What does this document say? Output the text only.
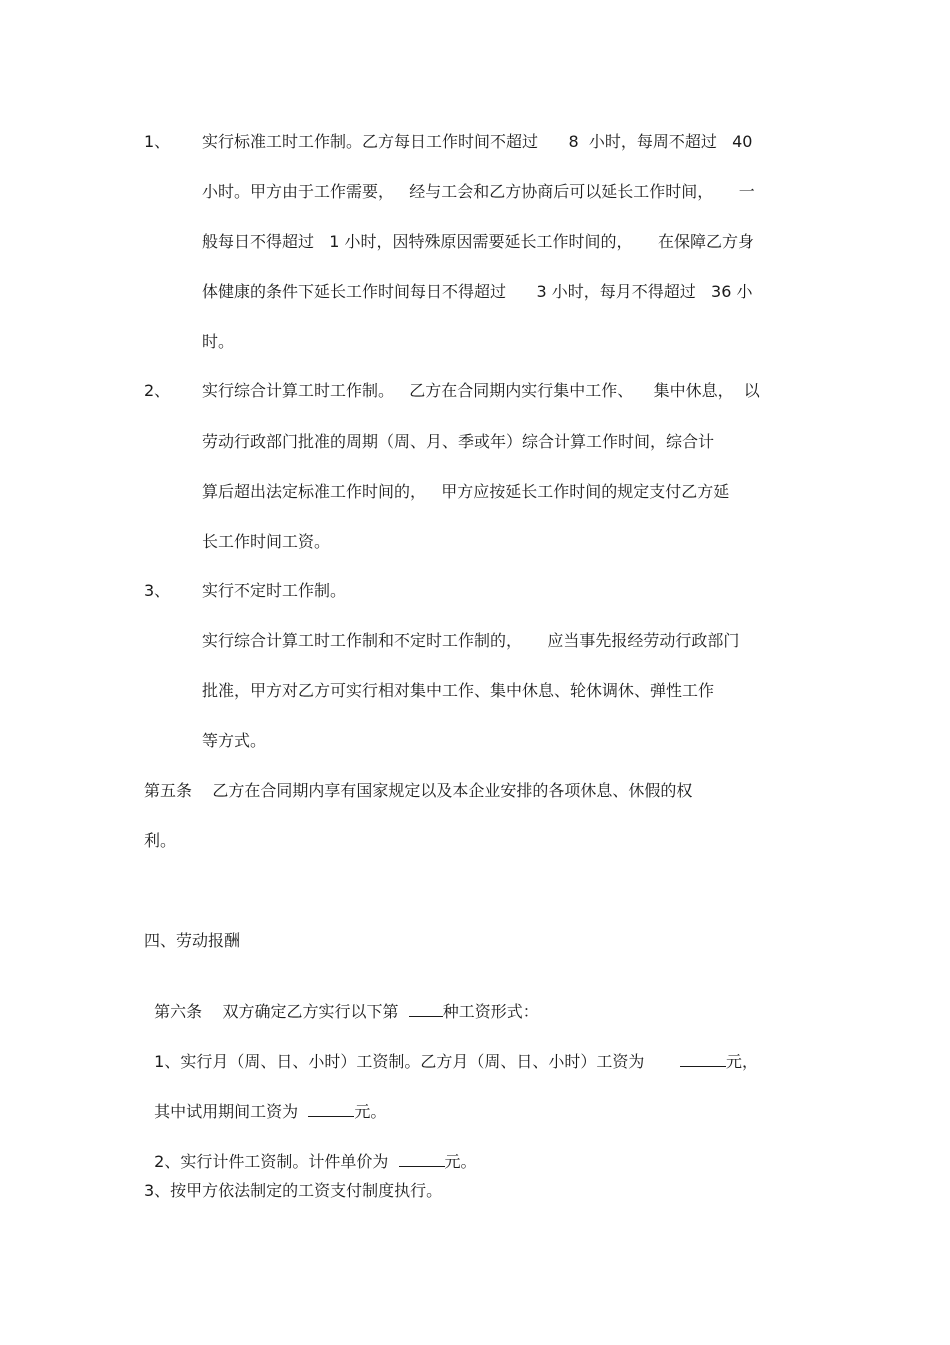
1、 实行标准工时工作制。乙方每日工作时间不超过      8  小时，每周不超过   40
小时。甲方由于工作需要，   经与工会和乙方协商后可以延长工作时间，     一
般每日不得超过   1 小时，因特殊原因需要延长工作时间的，     在保障乙方身
体健康的条件下延长工作时间每日不得超过      3 小时，每月不得超过   36 小
时。
2、 实行综合计算工时工作制。   乙方在合同期内实行集中工作、    集中休息，  以
劳动行政部门批准的周期（周、月、季或年）综合计算工作时间，综合计
算后超出法定标准工作时间的，   甲方应按延长工作时间的规定支付乙方延
长工作时间工资。
3、 实行不定时工作制。
实行综合计算工时工作制和不定时工作制的，     应当事先报经劳动行政部门
批准，甲方对乙方可实行相对集中工作、集中休息、轮休调休、弹性工作
等方式。
第五条    乙方在合同期内享有国家规定以及本企业安排的各项休息、休假的权
利。
四、劳动报酬

第六条    双方确定乙方实行以下第  种工资形式：

1、实行月（周、日、小时）工资制。乙方月（周、日、小时）工资为	元，

其中试用期间工资为	元。

2、实行计件工资制。计件单价为	元。

3、按甲方依法制定的工资支付制度执行。
